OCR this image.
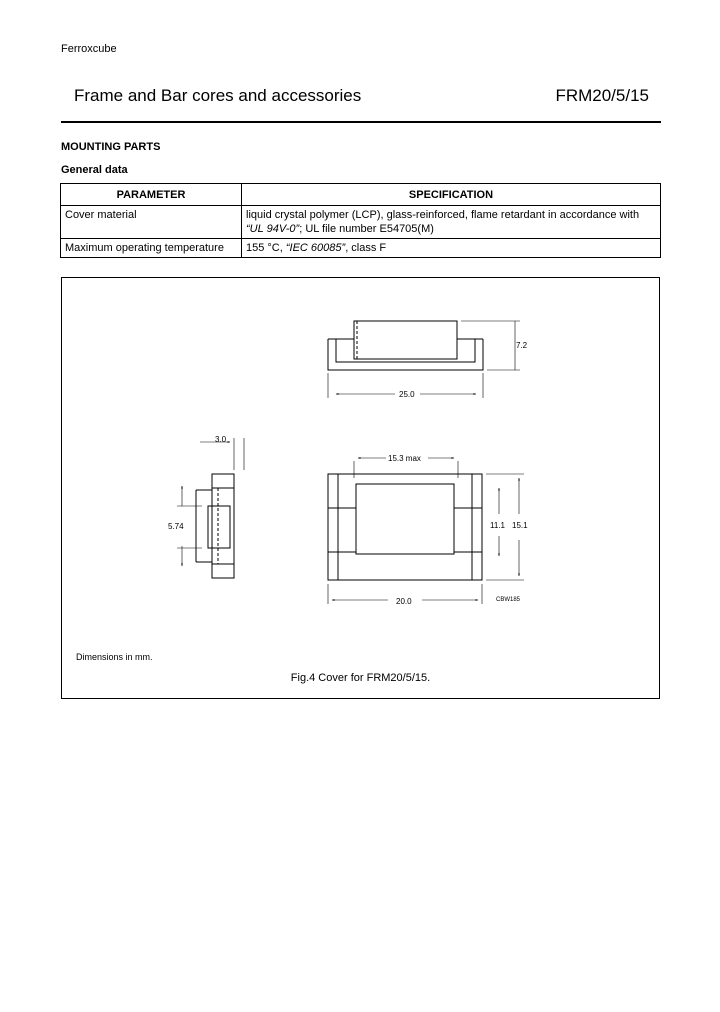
Ferroxcube
Frame and Bar cores and accessories	FRM20/5/15
MOUNTING PARTS
General data
PARAMETER	SPECIFICATION
Cover material	liquid crystal polymer (LCP), glass-reinforced, flame retardant in accordance with “UL 94V-0”; UL file number E54705(M)
Maximum operating temperature	155 °C, “IEC 60085”, class F
7.2
25.0
3.0
5.74
15.3 max
11.1 15.1
20.0	CBW185
Dimensions in mm.
Fig.4 Cover for FRM20/5/15.
